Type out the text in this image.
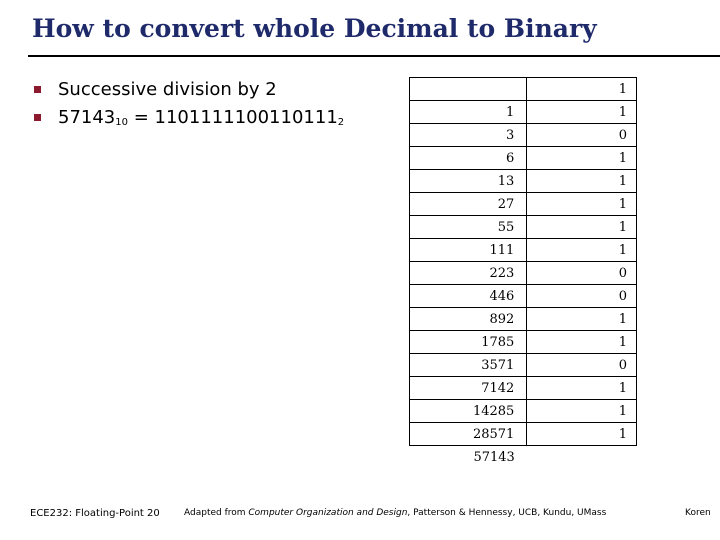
How to convert whole Decimal to Binary
Successive division by 2
$57143_{10} = 1101111100110111_2$
	1
1	1
3	0
6	1
13	1
27	1
55	1
111	1
223	0
446	0
892	1
1785	1
3571	0
7142	1
14285	1
28571	1
57143	
ECE232: Floating-Point 20	Adapted from Computer Organization and Design, Patterson & Hennessy, UCB, Kundu, UMass	Koren
